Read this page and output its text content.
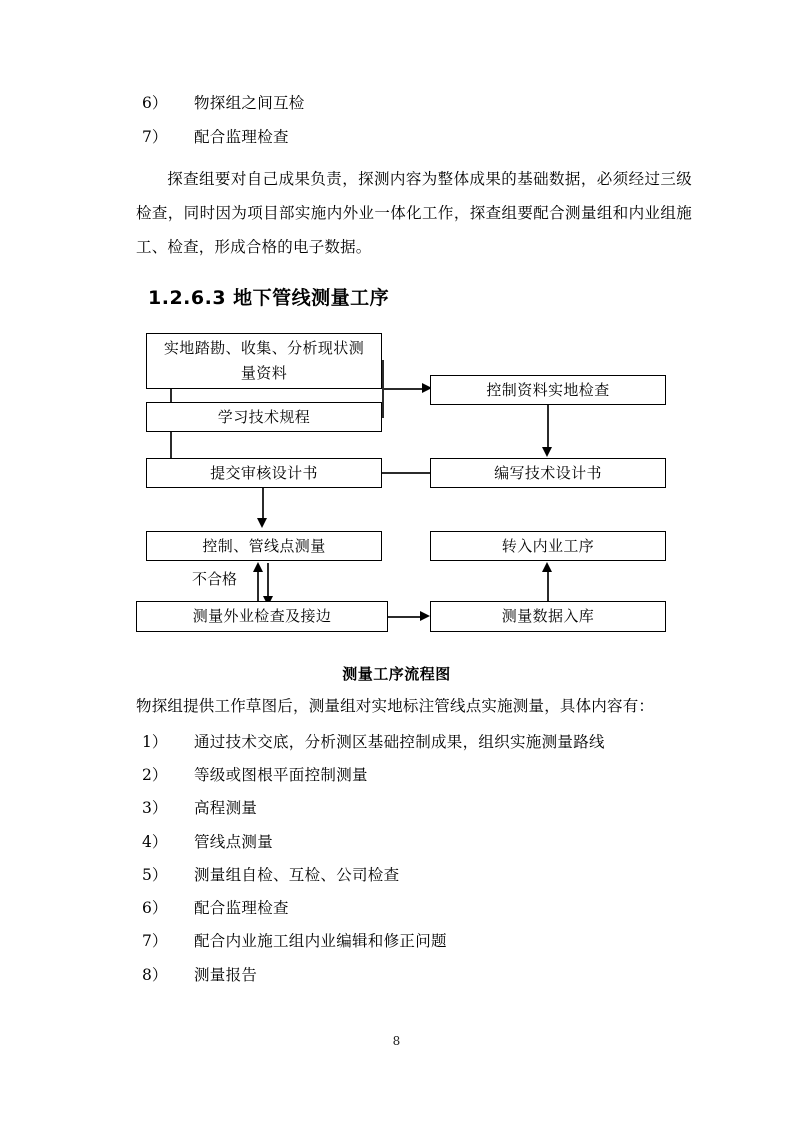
6） 物探组之间互检
7） 配合监理检查
探查组要对自己成果负责，探测内容为整体成果的基础数据，必须经过三级检查，同时因为项目部实施内外业一体化工作，探查组要配合测量组和内业组施工、检查，形成合格的电子数据。
1.2.6.3 地下管线测量工序
实地踏勘、收集、分析现状测量资料
学习技术规程
控制资料实地检查
提交审核设计书	编写技术设计书
控制、管线点测量	转入内业工序
不合格
测量外业检查及接边	测量数据入库
测量工序流程图
物探组提供工作草图后，测量组对实地标注管线点实施测量，具体内容有：
1） 通过技术交底，分析测区基础控制成果，组织实施测量路线
2） 等级或图根平面控制测量
3） 高程测量
4） 管线点测量
5） 测量组自检、互检、公司检查
6） 配合监理检查
7） 配合内业施工组内业编辑和修正问题
8） 测量报告
8
